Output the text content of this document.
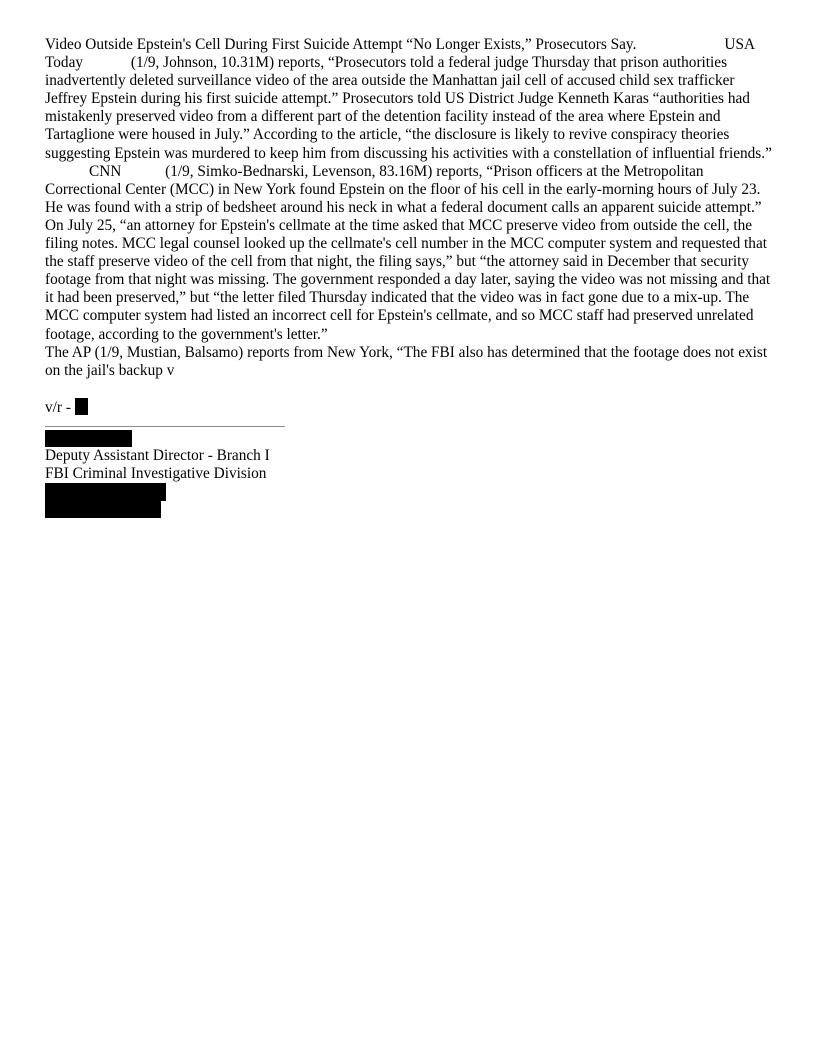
Video Outside Epstein's Cell During First Suicide Attempt “No Longer Exists,” Prosecutors Say.	USA Today	(1/9, Johnson, 10.31M) reports, “Prosecutors told a federal judge Thursday that prison authorities inadvertently deleted surveillance video of the area outside the Manhattan jail cell of accused child sex trafficker Jeffrey Epstein during his first suicide attempt.” Prosecutors told US District Judge Kenneth Karas “authorities had mistakenly preserved video from a different part of the detention facility instead of the area where Epstein and Tartaglione were housed in July.” According to the article, “the disclosure is likely to revive conspiracy theories suggesting Epstein was murdered to keep him from discussing his activities with a constellation of influential friends.”

CNN	(1/9, Simko-Bednarski, Levenson, 83.16M) reports, “Prison officers at the Metropolitan Correctional Center (MCC) in New York found Epstein on the floor of his cell in the early-morning hours of July 23. He was found with a strip of bedsheet around his neck in what a federal document calls an apparent suicide attempt.” On July 25, “an attorney for Epstein's cellmate at the time asked that MCC preserve video from outside the cell, the filing notes. MCC legal counsel looked up the cellmate's cell number in the MCC computer system and requested that the staff preserve video of the cell from that night, the filing says,” but “the attorney said in December that security footage from that night was missing. The government responded a day later, saying the video was not missing and that it had been preserved,” but “the letter filed Thursday indicated that the video was in fact gone due to a mix-up. The MCC computer system had listed an incorrect cell for Epstein's cellmate, and so MCC staff had preserved unrelated footage, according to the government's letter.”

The AP (1/9, Mustian, Balsamo) reports from New York, “The FBI also has determined that the footage does not exist on the jail's backup v

v/r -
Deputy Assistant Director - Branch I
FBI Criminal Investigative Division
